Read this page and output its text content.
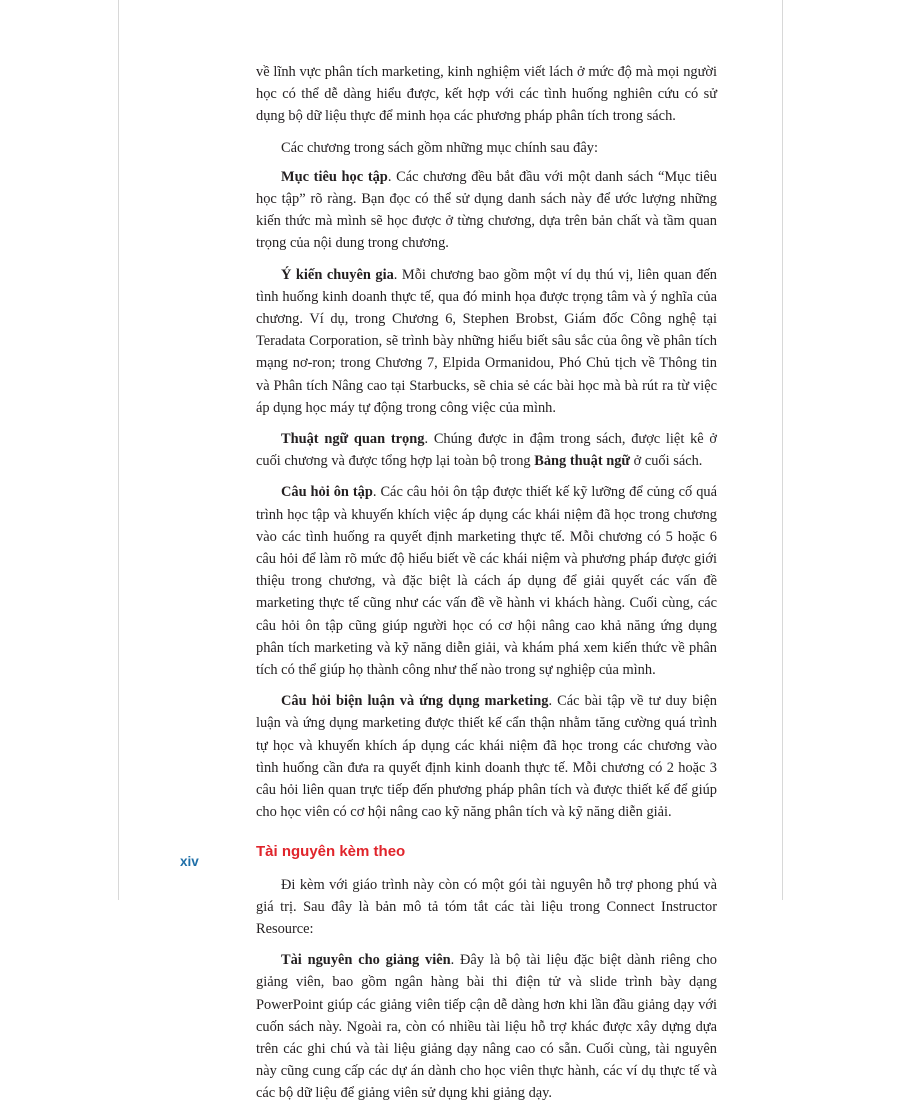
về lĩnh vực phân tích marketing, kinh nghiệm viết lách ở mức độ mà mọi người học có thể dễ dàng hiểu được, kết hợp với các tình huống nghiên cứu có sử dụng bộ dữ liệu thực để minh họa các phương pháp phân tích trong sách.

Các chương trong sách gồm những mục chính sau đây:

Mục tiêu học tập. Các chương đều bắt đầu với một danh sách “Mục tiêu học tập” rõ ràng. Bạn đọc có thể sử dụng danh sách này để ước lượng những kiến thức mà mình sẽ học được ở từng chương, dựa trên bản chất và tầm quan trọng của nội dung trong chương.

Ý kiến chuyên gia. Mỗi chương bao gồm một ví dụ thú vị, liên quan đến tình huống kinh doanh thực tế, qua đó minh họa được trọng tâm và ý nghĩa của chương. Ví dụ, trong Chương 6, Stephen Brobst, Giám đốc Công nghệ tại Teradata Corporation, sẽ trình bày những hiểu biết sâu sắc của ông về phân tích mạng nơ-ron; trong Chương 7, Elpida Ormanidou, Phó Chủ tịch về Thông tin và Phân tích Nâng cao tại Starbucks, sẽ chia sẻ các bài học mà bà rút ra từ việc áp dụng học máy tự động trong công việc của mình.

Thuật ngữ quan trọng. Chúng được in đậm trong sách, được liệt kê ở cuối chương và được tổng hợp lại toàn bộ trong Bảng thuật ngữ ở cuối sách.

Câu hỏi ôn tập. Các câu hỏi ôn tập được thiết kế kỹ lưỡng để củng cố quá trình học tập và khuyến khích việc áp dụng các khái niệm đã học trong chương vào các tình huống ra quyết định marketing thực tế. Mỗi chương có 5 hoặc 6 câu hỏi để làm rõ mức độ hiểu biết về các khái niệm và phương pháp được giới thiệu trong chương, và đặc biệt là cách áp dụng để giải quyết các vấn đề marketing thực tế cũng như các vấn đề về hành vi khách hàng. Cuối cùng, các câu hỏi ôn tập cũng giúp người học có cơ hội nâng cao khả năng ứng dụng phân tích marketing và kỹ năng diễn giải, và khám phá xem kiến thức về phân tích có thể giúp họ thành công như thế nào trong sự nghiệp của mình.

Câu hỏi biện luận và ứng dụng marketing. Các bài tập về tư duy biện luận và ứng dụng marketing được thiết kế cẩn thận nhằm tăng cường quá trình tự học và khuyến khích áp dụng các khái niệm đã học trong các chương vào tình huống cần đưa ra quyết định kinh doanh thực tế. Mỗi chương có 2 hoặc 3 câu hỏi liên quan trực tiếp đến phương pháp phân tích và được thiết kế để giúp cho học viên có cơ hội nâng cao kỹ năng phân tích và kỹ năng diễn giải.

Tài nguyên kèm theo

Đi kèm với giáo trình này còn có một gói tài nguyên hỗ trợ phong phú và giá trị. Sau đây là bản mô tả tóm tắt các tài liệu trong Connect Instructor Resource:

Tài nguyên cho giảng viên. Đây là bộ tài liệu đặc biệt dành riêng cho giảng viên, bao gồm ngân hàng bài thi điện tử và slide trình bày dạng PowerPoint giúp các giảng viên tiếp cận dễ dàng hơn khi lần đầu giảng dạy với cuốn sách này. Ngoài ra, còn có nhiều tài liệu hỗ trợ khác được xây dựng dựa trên các ghi chú và tài liệu giảng dạy nâng cao có sẵn. Cuối cùng, tài nguyên này cũng cung cấp các dự án dành cho học viên thực hành, các ví dụ thực tế và các bộ dữ liệu để giảng viên sử dụng khi giảng dạy.

xiv
